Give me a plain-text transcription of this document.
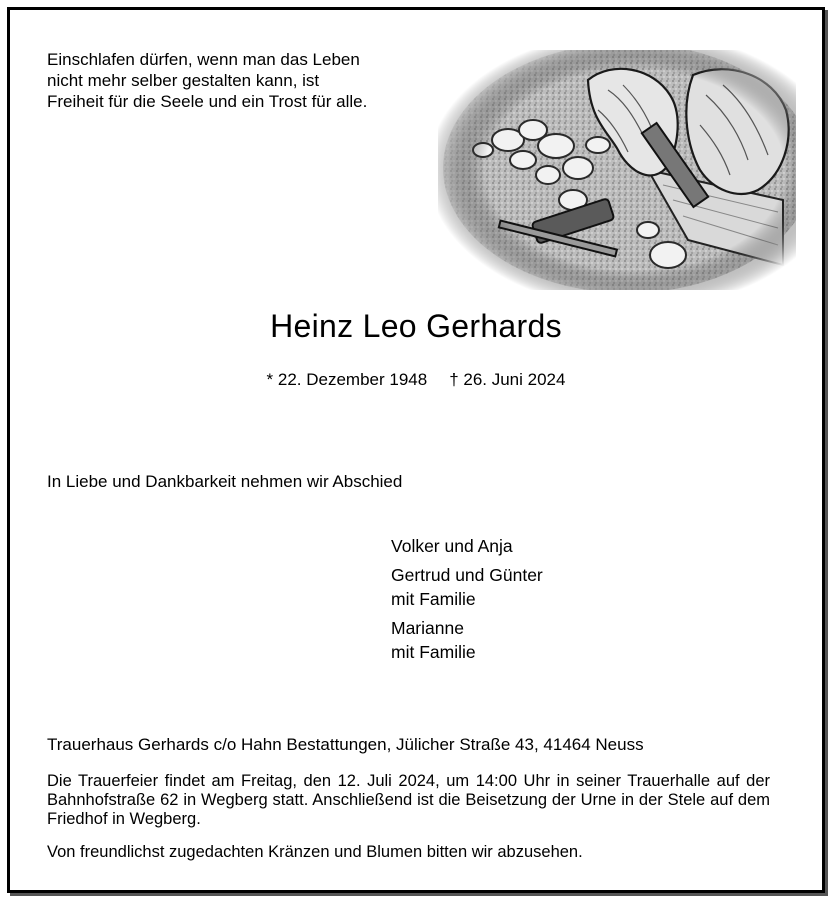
Einschlafen dürfen, wenn man das Leben
nicht mehr selber gestalten kann, ist
Freiheit für die Seele und ein Trost für alle.
Heinz Leo Gerhards
* 22. Dezember 1948 † 26. Juni 2024
In Liebe und Dankbarkeit nehmen wir Abschied
Volker und Anja
Gertrud und Günter
mit Familie
Marianne
mit Familie
Trauerhaus Gerhards c/o Hahn Bestattungen, Jülicher Straße 43, 41464 Neuss
Die Trauerfeier findet am Freitag, den 12. Juli 2024, um 14:00 Uhr in seiner Trauerhalle auf der Bahnhofstraße 62 in Wegberg statt. Anschließend ist die Beisetzung der Urne in der Stele auf dem Friedhof in Wegberg.
Von freundlichst zugedachten Kränzen und Blumen bitten wir abzusehen.
